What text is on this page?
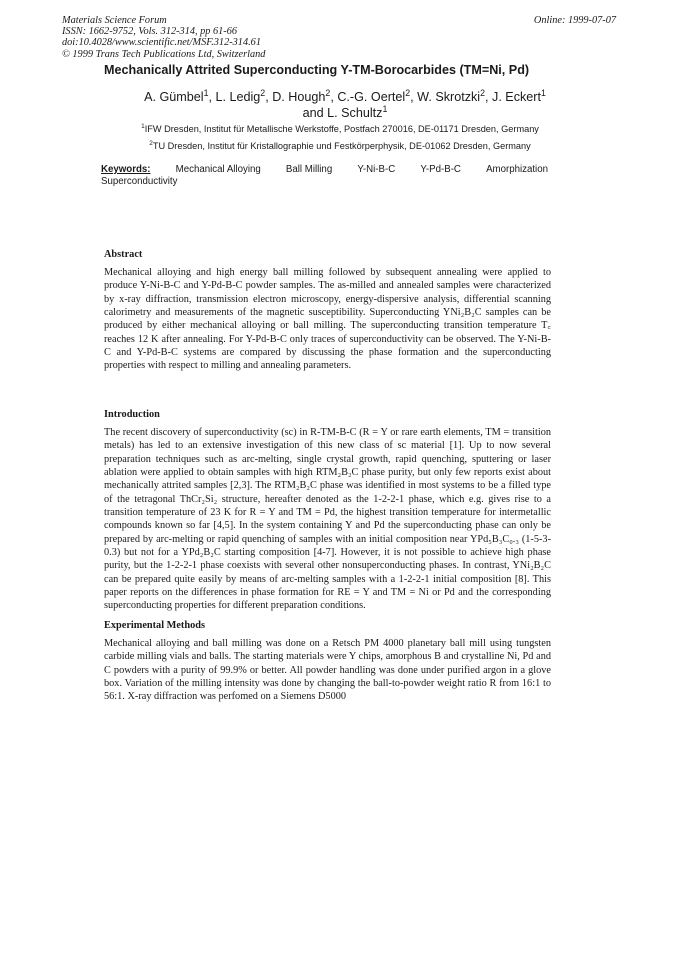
Materials Science Forum
ISSN: 1662-9752, Vols. 312-314, pp 61-66
doi:10.4028/www.scientific.net/MSF.312-314.61
© 1999 Trans Tech Publications Ltd, Switzerland
Online: 1999-07-07
Mechanically Attrited Superconducting Y-TM-Borocarbides (TM=Ni, Pd)
A. Gümbel$^1$, L. Ledig$^2$, D. Hough$^2$, C.-G. Oertel$^2$, W. Skrotzki$^2$, J. Eckert$^1$
and L. Schultz$^1$
$^1$IFW Dresden, Institut für Metallische Werkstoffe, Postfach 270016, DE-01171 Dresden, Germany
$^2$TU Dresden, Institut für Kristallographie und Festkörperphysik, DE-01062 Dresden, Germany
Keywords:	Mechanical Alloying	Ball Milling	Y-Ni-B-C	Y-Pd-B-C	Amorphization
Superconductivity
Abstract
Mechanical alloying and high energy ball milling followed by subsequent annealing were applied to produce Y-Ni-B-C and Y-Pd-B-C powder samples. The as-milled and annealed samples were characterized by x-ray diffraction, transmission electron microscopy, energy-dispersive analysis, differential scanning calorimetry and measurements of the magnetic susceptibility. Superconducting YNi₂B₂C samples can be produced by either mechanical alloying or ball milling. The superconducting transition temperature T꜀ reaches 12 K after annealing. For Y-Pd-B-C only traces of superconductivity can be observed. The Y-Ni-B-C and Y-Pd-B-C systems are compared by discussing the phase formation and the superconducting properties with respect to milling and annealing parameters.
Introduction
The recent discovery of superconductivity (sc) in R-TM-B-C (R = Y or rare earth elements, TM = transition metals) has led to an extensive investigation of this new class of sc material [1]. Up to now several preparation techniques such as arc-melting, single crystal growth, rapid quenching, sputtering or laser ablation were applied to obtain samples with high RTM₂B₂C phase purity, but only few reports exist about mechanically attrited samples [2,3]. The RTM₂B₂C phase was identified in most systems to be a filled type of the tetragonal ThCr₂Si₂ structure, hereafter denoted as the 1-2-2-1 phase, which e.g. gives rise to a transition temperature of 23 K for R = Y and TM = Pd, the highest transition temperature for intermetallic compounds known so far [4,5]. In the system containing Y and Pd the superconducting phase can only be prepared by arc-melting or rapid quenching of samples with an initial composition near YPd₅B₃C₀.₃ (1-5-3-0.3) but not for a YPd₂B₂C starting composition [4-7]. However, it is not possible to achieve high phase purity, but the 1-2-2-1 phase coexists with several other nonsuperconducting phases. In contrast, YNi₂B₂C can be prepared quite easily by means of arc-melting samples with a 1-2-2-1 initial composition [8]. This paper reports on the differences in phase formation for RE = Y and TM = Ni or Pd and the corresponding superconducting properties for different preparation conditions.
Experimental Methods
Mechanical alloying and ball milling was done on a Retsch PM 4000 planetary ball mill using tungsten carbide milling vials and balls. The starting materials were Y chips, amorphous B and crystalline Ni, Pd and C powders with a purity of 99.9% or better. All powder handling was done under purified argon in a glove box. Variation of the milling intensity was done by changing the ball-to-powder weight ratio R from 16:1 to 56:1. X-ray diffraction was perfomed on a Siemens D5000
